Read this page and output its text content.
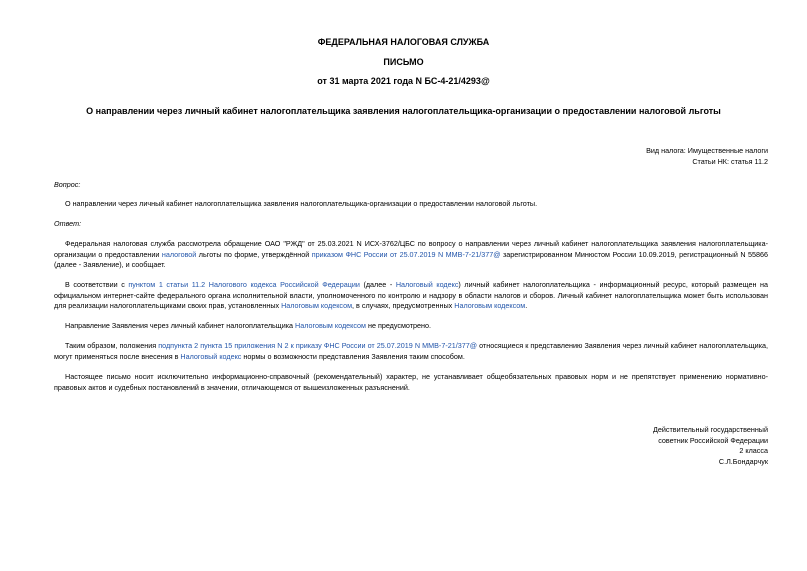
ФЕДЕРАЛЬНАЯ НАЛОГОВАЯ СЛУЖБА
ПИСЬМО
от 31 марта 2021 года N БС-4-21/4293@
О направлении через личный кабинет налогоплательщика заявления налогоплательщика-организации о предоставлении налоговой льготы
Вид налога: Имущественные налоги
Статьи НК: статья 11.2
Вопрос:
О направлении через личный кабинет налогоплательщика заявления налогоплательщика-организации о предоставлении налоговой льготы.
Ответ:
Федеральная налоговая служба рассмотрела обращение ОАО "РЖД" от 25.03.2021 N ИСХ-3762/ЦБС по вопросу о направлении через личный кабинет налогоплательщика заявления налогоплательщика-организации о предоставлении налоговой льготы по форме, утверждённой приказом ФНС России от 25.07.2019 N ММВ-7-21/377@ зарегистрированном Минюстом России 10.09.2019, регистрационный N 55866 (далее - Заявление), и сообщает.
В соответствии с пунктом 1 статьи 11.2 Налогового кодекса Российской Федерации (далее - Налоговый кодекс) личный кабинет налогоплательщика - информационный ресурс, который размещен на официальном интернет-сайте федерального органа исполнительной власти, уполномоченного по контролю и надзору в области налогов и сборов. Личный кабинет налогоплательщика может быть использован для реализации налогоплательщиками своих прав, установленных Налоговым кодексом, в случаях, предусмотренных Налоговым кодексом.
Направление Заявления через личный кабинет налогоплательщика Налоговым кодексом не предусмотрено.
Таким образом, положения подпункта 2 пункта 15 приложения N 2 к приказу ФНС России от 25.07.2019 N ММВ-7-21/377@ относящиеся к представлению Заявления через личный кабинет налогоплательщика, могут применяться после внесения в Налоговый кодекс нормы о возможности представления Заявления таким способом.
Настоящее письмо носит исключительно информационно-справочный (рекомендательный) характер, не устанавливает общеобязательных правовых норм и не препятствует применению нормативно-правовых актов и судебных постановлений в значении, отличающемся от вышеизложенных разъяснений.
Действительный государственный
советник Российской Федерации
2 класса
С.Л.Бондарчук
